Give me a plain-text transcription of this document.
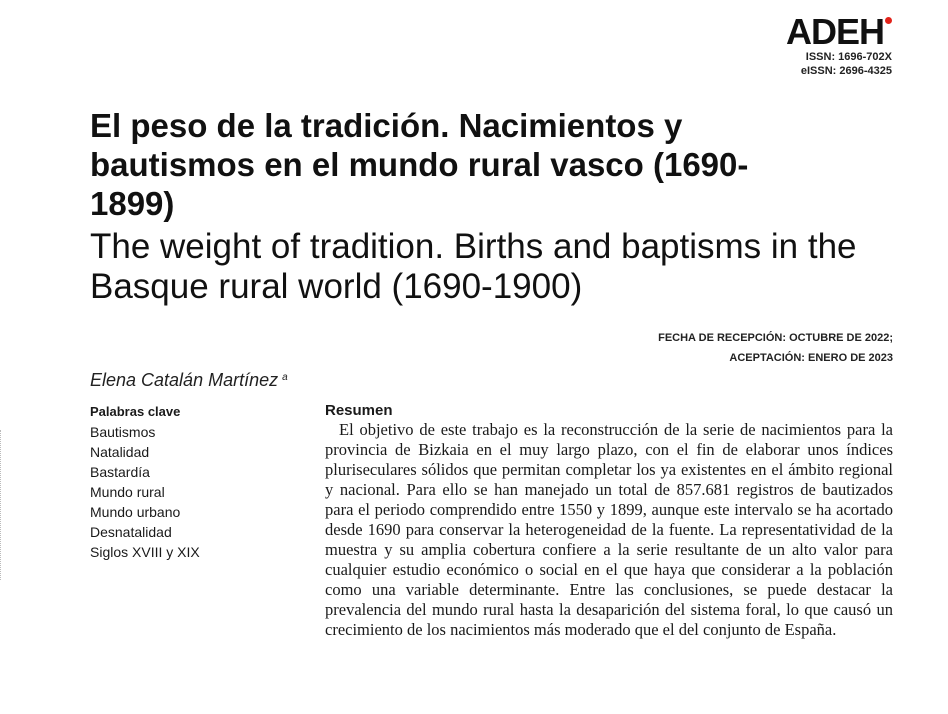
ADEH
ISSN: 1696-702X
eISSN: 2696-4325
El peso de la tradición. Nacimientos y bautismos en el mundo rural vasco (1690-1899)
The weight of tradition. Births and baptisms in the Basque rural world (1690-1900)
FECHA DE RECEPCIÓN: OCTUBRE DE 2022;
ACEPTACIÓN: ENERO DE 2023
Elena Catalán Martínez $^a$
Palabras clave
Bautismos
Natalidad
Bastardía
Mundo rural
Mundo urbano
Desnatalidad
Siglos XVIII y XIX
Resumen

El objetivo de este trabajo es la reconstrucción de la serie de nacimientos para la provincia de Bizkaia en el muy largo plazo, con el fin de elaborar unos índices pluriseculares sólidos que permitan completar los ya existentes en el ámbito regional y nacional. Para ello se han manejado un total de 857.681 registros de bautizados para el periodo comprendido entre 1550 y 1899, aunque este intervalo se ha acortado desde 1690 para conservar la heterogeneidad de la fuente. La representatividad de la muestra y su amplia cobertura confiere a la serie resultante de un alto valor para cualquier estudio económico o social en el que haya que considerar a la población como una variable determinante. Entre las conclusiones, se puede destacar la prevalencia del mundo rural hasta la desaparición del sistema foral, lo que causó un crecimiento de los nacimientos más moderado que el del conjunto de España.
